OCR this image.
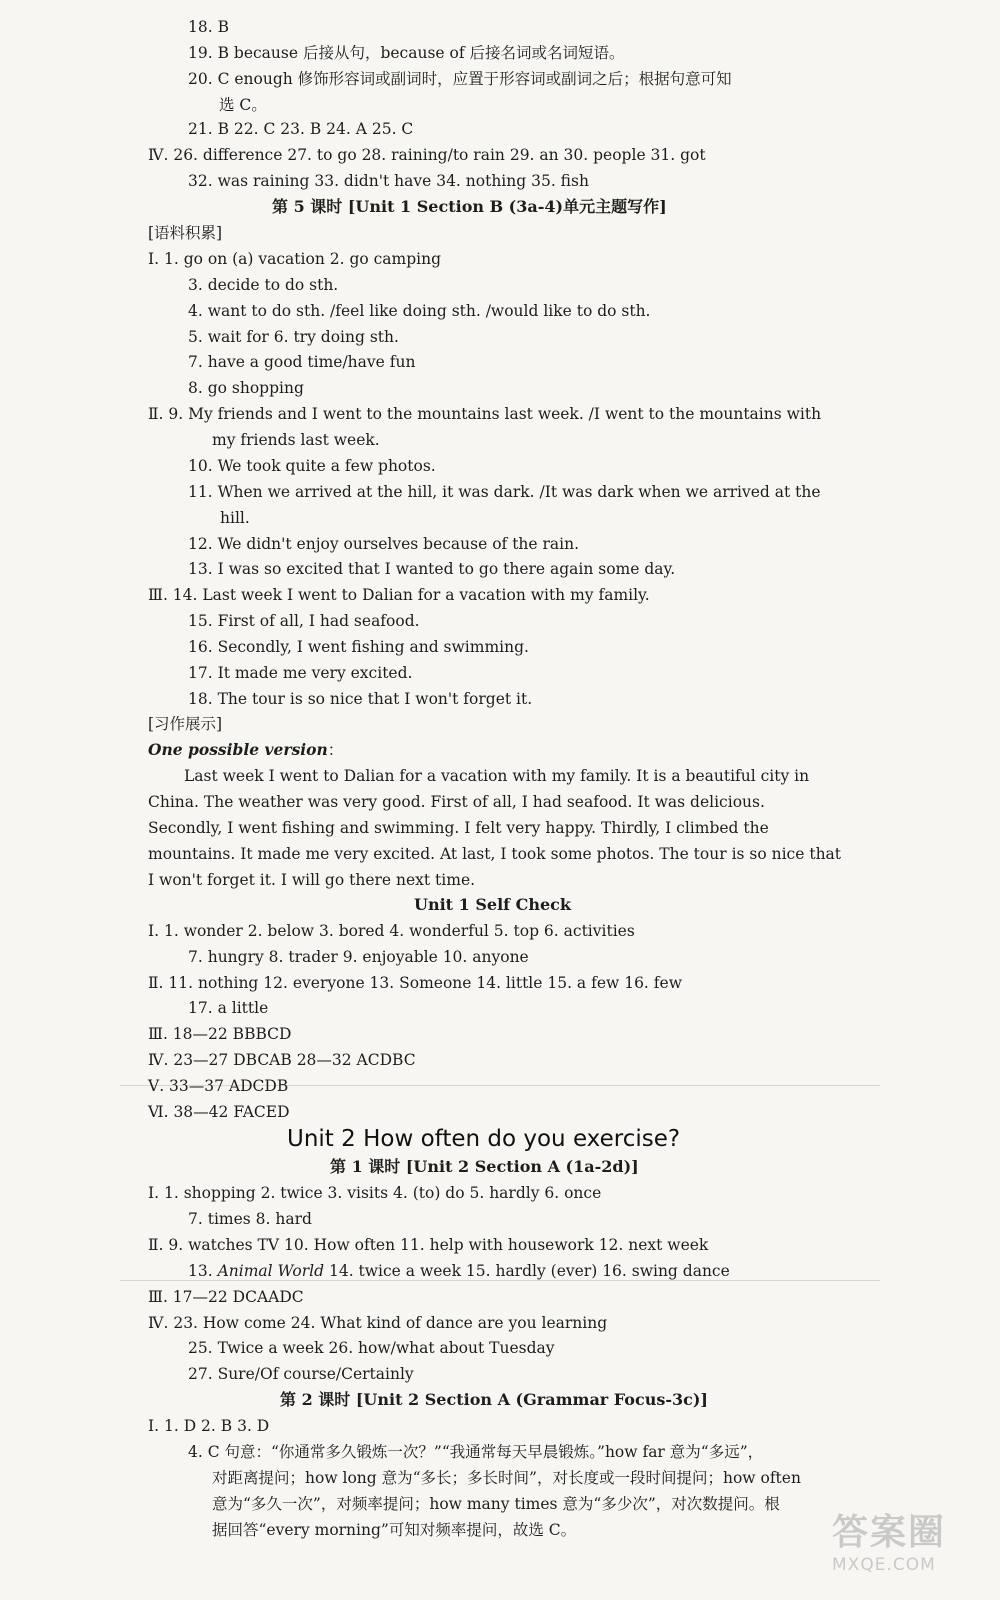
18. B
19. B because 后接从句，because of 后接名词或名词短语。
20. C enough 修饰形容词或副词时，应置于形容词或副词之后；根据句意可知
选 C。
21. B 22. C 23. B 24. A 25. C
Ⅳ. 26. difference 27. to go 28. raining/to rain 29. an 30. people 31. got
32. was raining 33. didn't have 34. nothing 35. fish
第 5 课时 [Unit 1 Section B (3a-4)单元主题写作]
[语料积累]
Ⅰ. 1. go on (a) vacation 2. go camping
3. decide to do sth.
4. want to do sth. /feel like doing sth. /would like to do sth.
5. wait for 6. try doing sth.
7. have a good time/have fun
8. go shopping
Ⅱ. 9. My friends and I went to the mountains last week. /I went to the mountains with
my friends last week.
10. We took quite a few photos.
11. When we arrived at the hill, it was dark. /It was dark when we arrived at the
hill.
12. We didn't enjoy ourselves because of the rain.
13. I was so excited that I wanted to go there again some day.
Ⅲ. 14. Last week I went to Dalian for a vacation with my family.
15. First of all, I had seafood.
16. Secondly, I went fishing and swimming.
17. It made me very excited.
18. The tour is so nice that I won't forget it.
[习作展示]
One possible version：
Last week I went to Dalian for a vacation with my family. It is a beautiful city in
China. The weather was very good. First of all, I had seafood. It was delicious.
Secondly, I went fishing and swimming. I felt very happy. Thirdly, I climbed the
mountains. It made me very excited. At last, I took some photos. The tour is so nice that
I won't forget it. I will go there next time.
Unit 1 Self Check
Ⅰ. 1. wonder 2. below 3. bored 4. wonderful 5. top 6. activities
7. hungry 8. trader 9. enjoyable 10. anyone
Ⅱ. 11. nothing 12. everyone 13. Someone 14. little 15. a few 16. few
17. a little
Ⅲ. 18—22 BBBCD
Ⅳ. 23—27 DBCAB 28—32 ACDBC
Ⅴ. 33—37 ADCDB
Ⅵ. 38—42 FACED
Unit 2 How often do you exercise?
第 1 课时 [Unit 2 Section A (1a-2d)]
Ⅰ. 1. shopping 2. twice 3. visits 4. (to) do 5. hardly 6. once
7. times 8. hard
Ⅱ. 9. watches TV 10. How often 11. help with housework 12. next week
13. Animal World 14. twice a week 15. hardly (ever) 16. swing dance
Ⅲ. 17—22 DCAADC
Ⅳ. 23. How come 24. What kind of dance are you learning
25. Twice a week 26. how/what about Tuesday
27. Sure/Of course/Certainly
第 2 课时 [Unit 2 Section A (Grammar Focus-3c)]
Ⅰ. 1. D 2. B 3. D
4. C 句意：“你通常多久锻炼一次？”“我通常每天早晨锻炼。”how far 意为“多远”，
对距离提问；how long 意为“多长；多长时间”，对长度或一段时间提问；how often
意为“多久一次”，对频率提问；how many times 意为“多少次”，对次数提问。根
据回答“every morning”可知对频率提问，故选 C。	答案圈
MXQE.COM
